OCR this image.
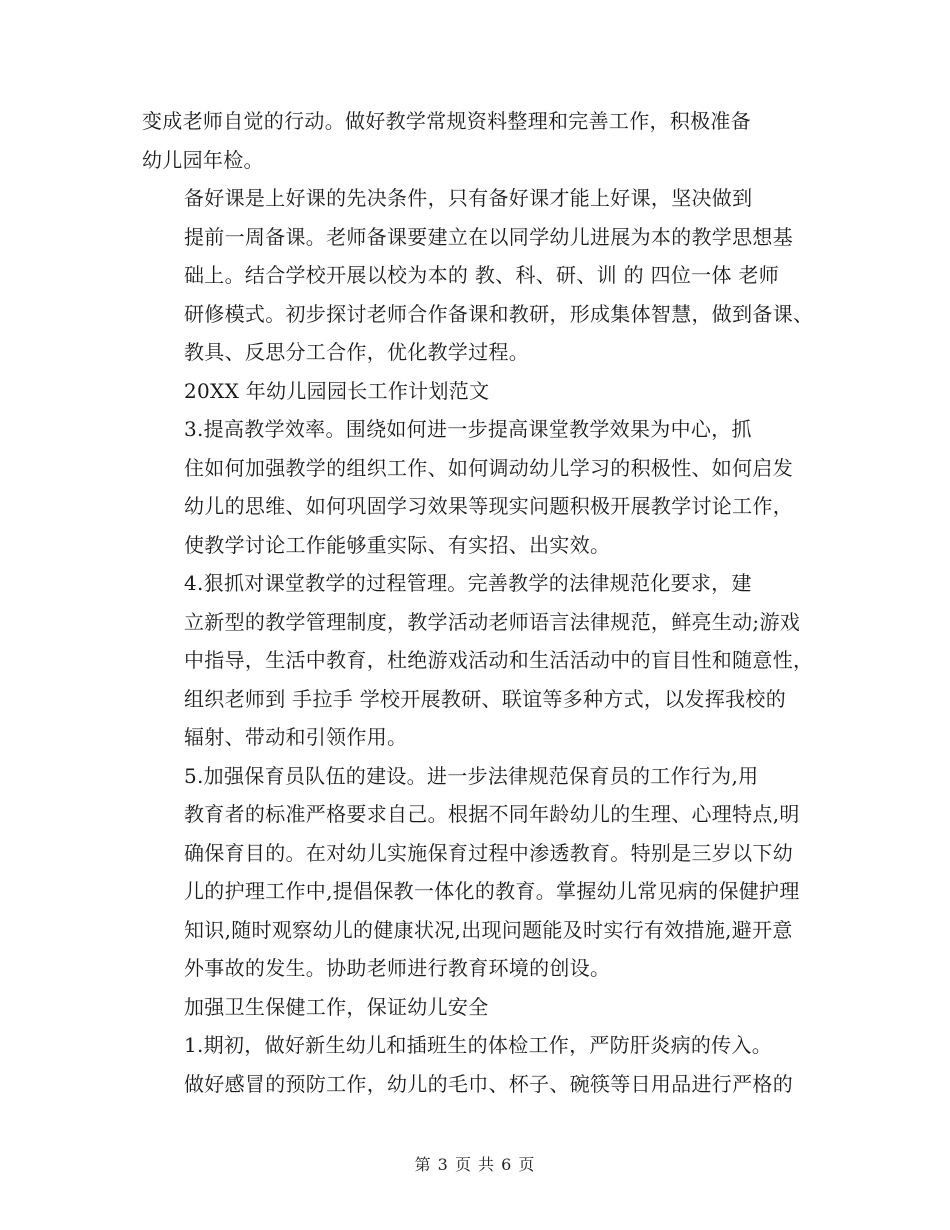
变成老师自觉的行动。做好教学常规资料整理和完善工作，积极准备
幼儿园年检。

备好课是上好课的先决条件，只有备好课才能上好课，坚决做到
提前一周备课。老师备课要建立在以同学幼儿进展为本的教学思想基
础上。结合学校开展以校为本的 教、科、研、训 的 四位一体 老师
研修模式。初步探讨老师合作备课和教研，形成集体智慧，做到备课、
教具、反思分工合作，优化教学过程。

20XX 年幼儿园园长工作计划范文

3.提高教学效率。围绕如何进一步提高课堂教学效果为中心，抓
住如何加强教学的组织工作、如何调动幼儿学习的积极性、如何启发
幼儿的思维、如何巩固学习效果等现实问题积极开展教学讨论工作，
使教学讨论工作能够重实际、有实招、出实效。

4.狠抓对课堂教学的过程管理。完善教学的法律规范化要求，建
立新型的教学管理制度，教学活动老师语言法律规范，鲜亮生动;游戏
中指导，生活中教育，杜绝游戏活动和生活活动中的盲目性和随意性，
组织老师到 手拉手 学校开展教研、联谊等多种方式，以发挥我校的
辐射、带动和引领作用。

5.加强保育员队伍的建设。进一步法律规范保育员的工作行为,用
教育者的标准严格要求自己。根据不同年龄幼儿的生理、心理特点,明
确保育目的。在对幼儿实施保育过程中渗透教育。特别是三岁以下幼
儿的护理工作中,提倡保教一体化的教育。掌握幼儿常见病的保健护理
知识,随时观察幼儿的健康状况,出现问题能及时实行有效措施,避开意
外事故的发生。协助老师进行教育环境的创设。

加强卫生保健工作，保证幼儿安全

1.期初，做好新生幼儿和插班生的体检工作，严防肝炎病的传入。
做好感冒的预防工作，幼儿的毛巾、杯子、碗筷等日用品进行严格的

第 3 页 共 6 页
